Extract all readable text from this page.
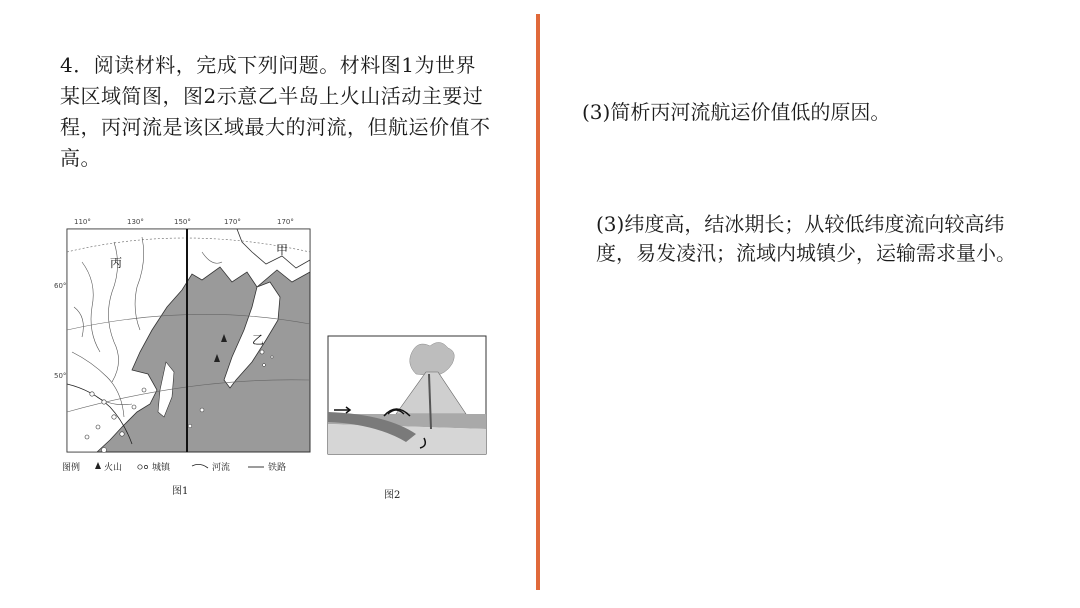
4．阅读材料，完成下列问题。材料图1为世界某区域简图，图2示意乙半岛上火山活动主要过程，丙河流是该区域最大的河流，但航运价值不高。
(3)简析丙河流航运价值低的原因。
(3)纬度高，结冰期长；从较低纬度流向较高纬度，易发凌汛；流域内城镇少，运输需求量小。
110°	130°	150°	170°	170°
60°
50°
丙
甲
乙
图例	火山	城镇	河流	铁路
图1	图2
